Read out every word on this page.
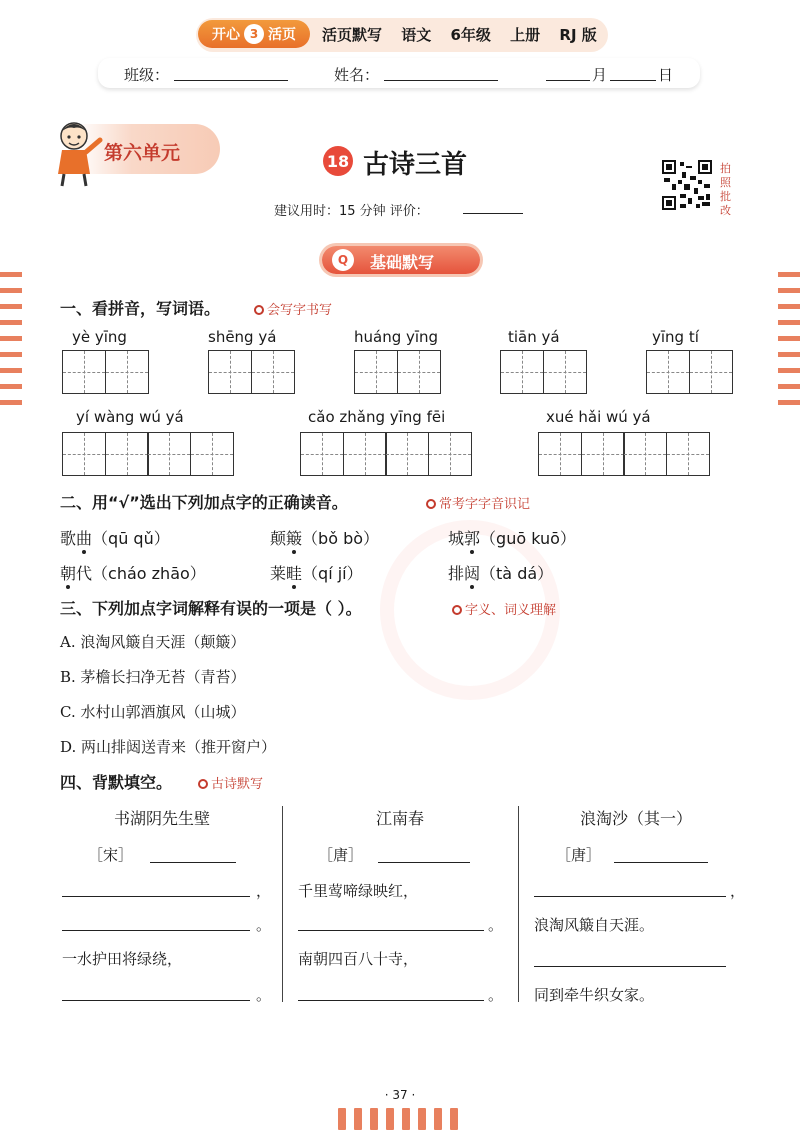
开心 3 活页 活页默写 语文 6年级 上册 RJ 版
班级：	姓名：	月	日
第六单元	18 古诗三首
建议用时：15 分钟 评价：
拍
照
批
改
Q	基础默写
一、看拼音，写词语。	会写字书写
yè yīng	shēng yá	huáng yīng	tiān yá	yīng tí
yí wàng wú yá	cǎo zhǎng yīng fēi	xué hǎi wú yá
二、用“√”选出下列加点字的正确读音。	常考字字音识记
歌曲（qū qǔ）	颠簸（bǒ bò）	城郭（guō kuō）
朝代（cháo zhāo）	莱畦（qí jí）	排闼（tà dá）
三、下列加点字词解释有误的一项是（ ）。	字义、词义理解
A. 浪淘风簸自天涯（颠簸）
B. 茅檐长扫净无苔（青苔）
C. 水村山郭酒旗风（山城）
D. 两山排闼送青来（推开窗户）
四、背默填空。	古诗默写
书湖阴先生壁
［宋］
，
。
一水护田将绿绕，
。
江南春
［唐］
千里莺啼绿映红，
。
南朝四百八十寺，
。
浪淘沙（其一）
［唐］
，
浪淘风簸自天涯。
同到牵牛织女家。
· 37 ·
